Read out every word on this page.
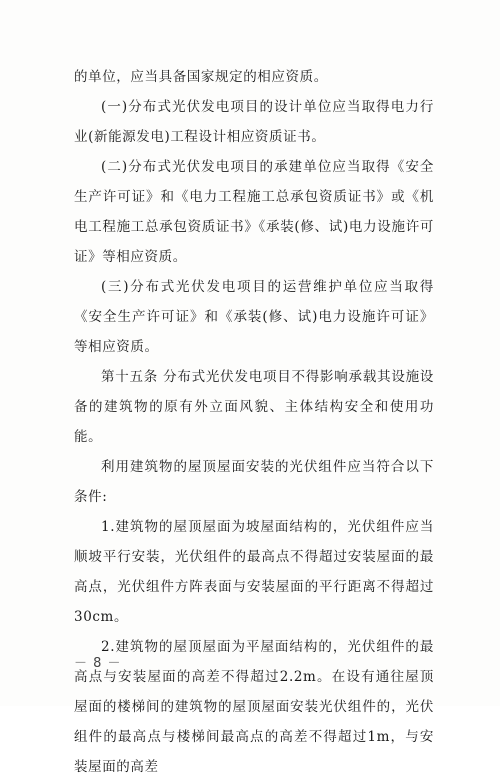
的单位，应当具备国家规定的相应资质。

(一)分布式光伏发电项目的设计单位应当取得电力行业(新能源发电)工程设计相应资质证书。

(二)分布式光伏发电项目的承建单位应当取得《安全生产许可证》和《电力工程施工总承包资质证书》或《机电工程施工总承包资质证书》《承装(修、试)电力设施许可证》等相应资质。

(三)分布式光伏发电项目的运营维护单位应当取得《安全生产许可证》和《承装(修、试)电力设施许可证》等相应资质。

第十五条 分布式光伏发电项目不得影响承载其设施设备的建筑物的原有外立面风貌、主体结构安全和使用功能。

利用建筑物的屋顶屋面安装的光伏组件应当符合以下条件:

1.建筑物的屋顶屋面为坡屋面结构的，光伏组件应当顺坡平行安装，光伏组件的最高点不得超过安装屋面的最高点，光伏组件方阵表面与安装屋面的平行距离不得超过30cm。

2.建筑物的屋顶屋面为平屋面结构的，光伏组件的最高点与安装屋面的高差不得超过2.2m。在设有通往屋顶屋面的楼梯间的建筑物的屋顶屋面安装光伏组件的，光伏组件的最高点与楼梯间最高点的高差不得超过1m，与安装屋面的高差

－ 8 －
